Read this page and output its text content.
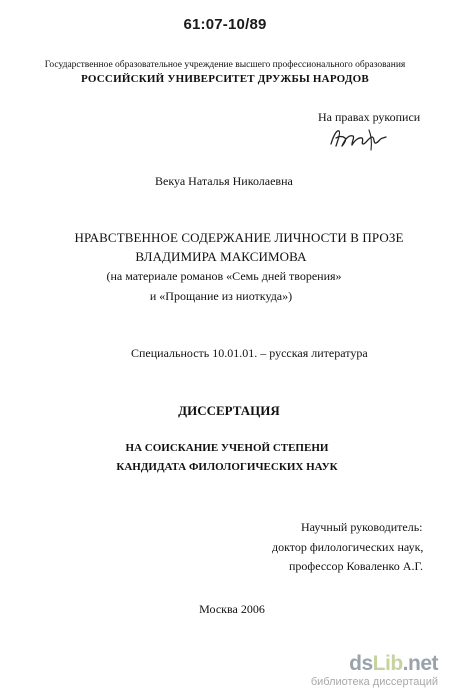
61:07-10/89
Государственное образовательное учреждение высшего профессионального образования
РОССИЙСКИЙ УНИВЕРСИТЕТ ДРУЖБЫ НАРОДОВ
На правах рукописи
Векуа Наталья Николаевна
НРАВСТВЕННОЕ СОДЕРЖАНИЕ ЛИЧНОСТИ В ПРОЗЕ
ВЛАДИМИРА МАКСИМОВА
(на материале романов «Семь дней творения»
и «Прощание из ниоткуда»)
Специальность 10.01.01. – русская литература
ДИССЕРТАЦИЯ
НА СОИСКАНИЕ УЧЕНОЙ СТЕПЕНИ
КАНДИДАТА ФИЛОЛОГИЧЕСКИХ НАУК
Научный руководитель:
доктор филологических наук,
профессор Коваленко А.Г.
Москва 2006
dsLib.net
библиотека диссертаций
